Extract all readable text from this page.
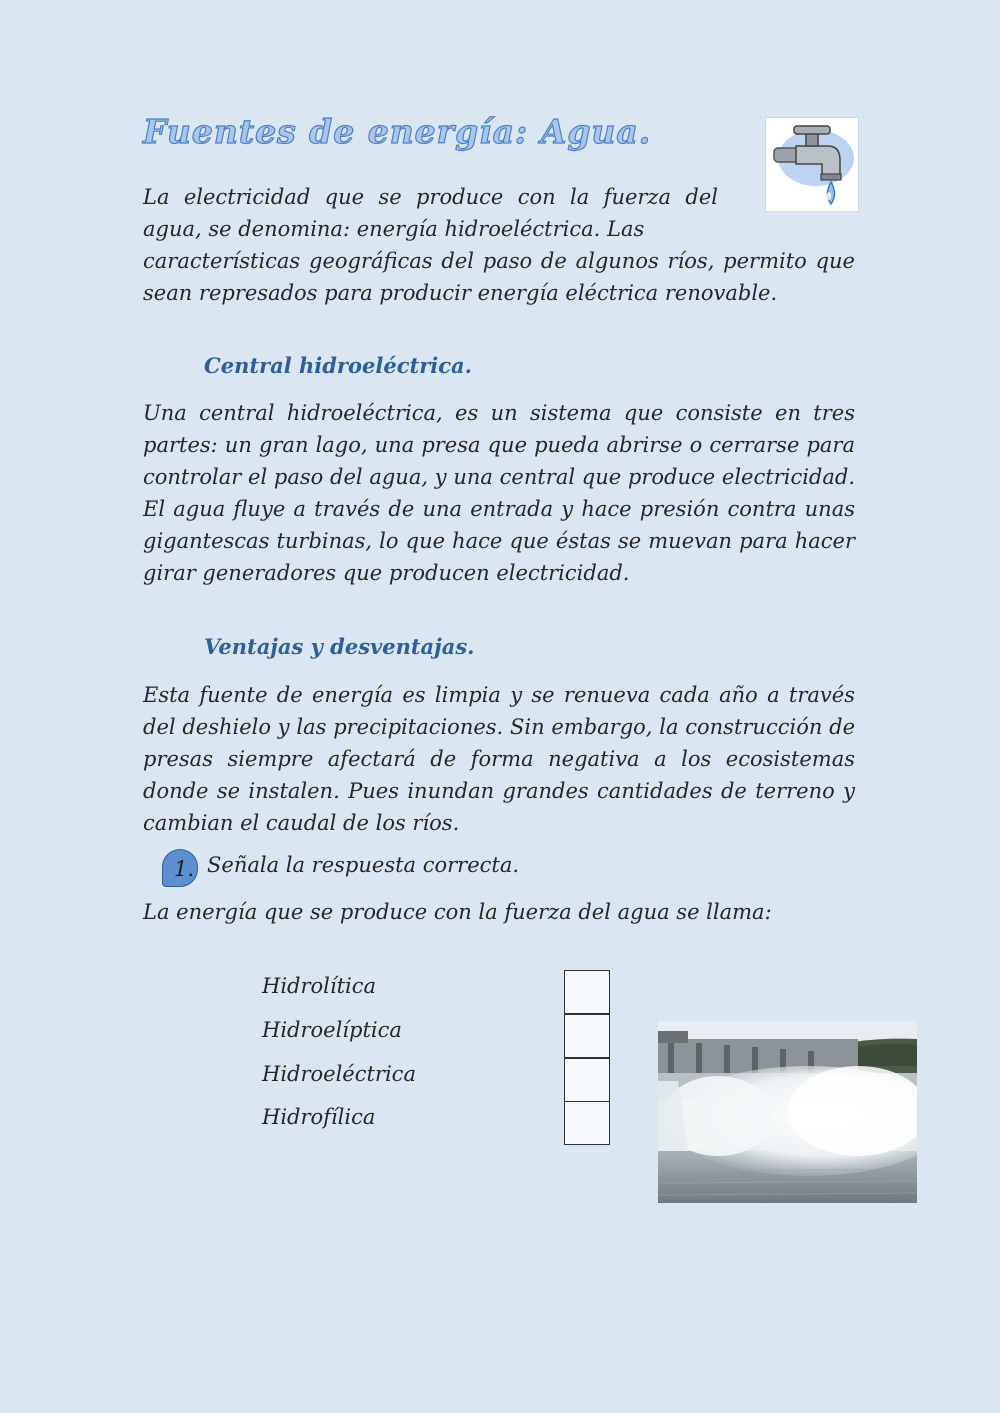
Fuentes de energía: Agua.

La electricidad que se produce con la fuerza del agua, se denomina: energía hidroeléctrica. Las
características geográficas del paso de algunos ríos, permito que sean represados para producir energía eléctrica renovable.

Central hidroeléctrica.

Una central hidroeléctrica, es un sistema que consiste en tres partes: un gran lago, una presa que pueda abrirse o cerrarse para controlar el paso del agua, y una central que produce electricidad. El agua fluye a través de una entrada y hace presión contra unas gigantescas turbinas, lo que hace que éstas se muevan para hacer girar generadores que producen electricidad.

Ventajas y desventajas.

Esta fuente de energía es limpia y se renueva cada año a través del deshielo y las precipitaciones. Sin embargo, la construcción de presas siempre afectará de forma negativa a los ecosistemas donde se instalen. Pues inundan grandes cantidades de terreno y cambian el caudal de los ríos.

1. Señala la respuesta correcta.

La energía que se produce con la fuerza del agua se llama:

Hidrolítica
Hidroelíptica
Hidroeléctrica
Hidrofílica
